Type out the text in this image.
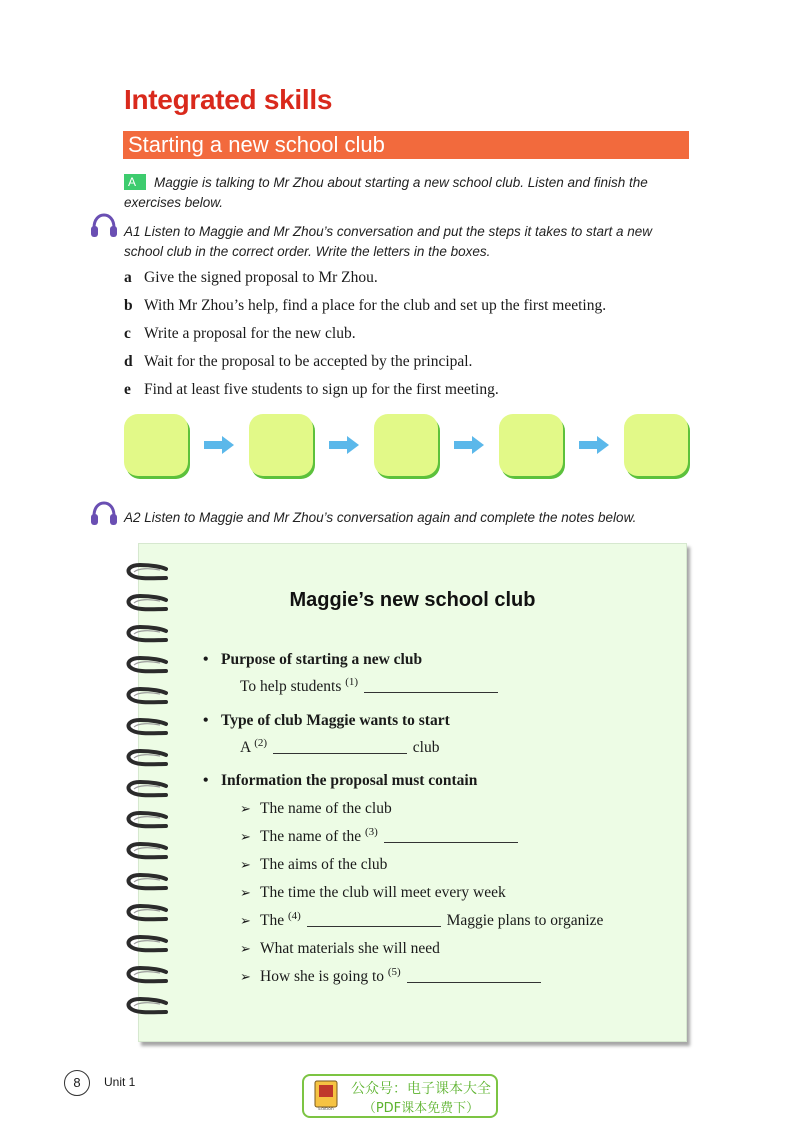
Integrated skills
Starting a new school club
A Maggie is talking to Mr Zhou about starting a new school club. Listen and finish the exercises below.
A1 Listen to Maggie and Mr Zhou’s conversation and put the steps it takes to start a new school club in the correct order. Write the letters in the boxes.
a Give the signed proposal to Mr Zhou.
b With Mr Zhou’s help, find a place for the club and set up the first meeting.
c Write a proposal for the new club.
d Wait for the proposal to be accepted by the principal.
e Find at least five students to sign up for the first meeting.
A2 Listen to Maggie and Mr Zhou’s conversation again and complete the notes below.
Maggie’s new school club
• Purpose of starting a new club
To help students $^{(1)}$
• Type of club Maggie wants to start
A $^{(2)}$	club
• Information the proposal must contain
➢ The name of the club
➢ The name of the $^{(3)}$
➢ The aims of the club
➢ The time the club will meet every week
➢ The $^{(4)}$	Maggie plans to organize
➢ What materials she will need
➢ How she is going to $^{(5)}$
8	Unit 1
Edition
公众号：电子课本大全
（PDF课本免费下）
